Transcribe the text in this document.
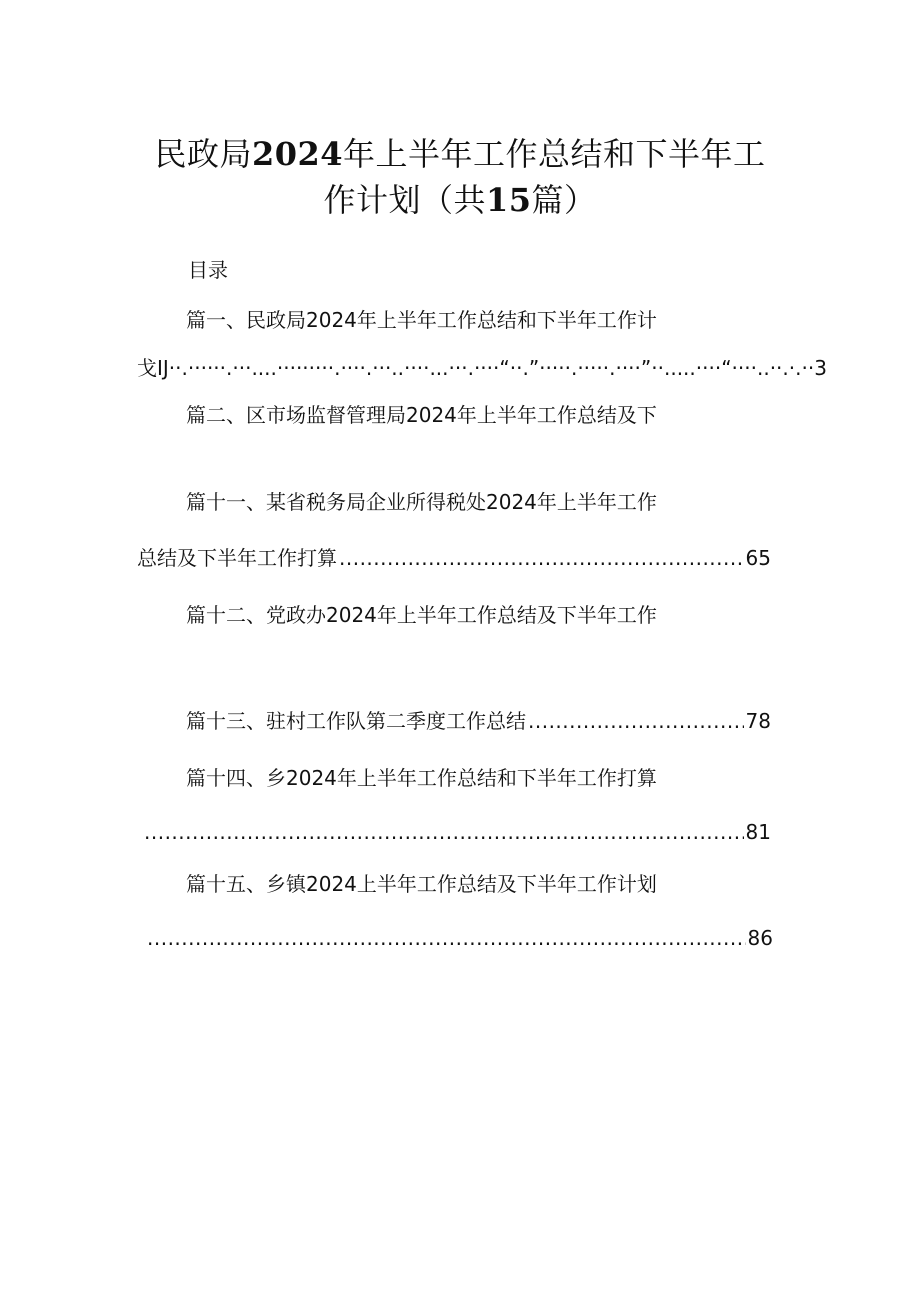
民政局2024年上半年工作总结和下半年工
作计划（共15篇）
目录
篇一、民政局2024年上半年工作总结和下半年工作计
戈IJ··.······.···....·········.····.···..····...···.····“··.”·····.·····.····”··.....····“····..··.·.··3
篇二、区市场监督管理局2024年上半年工作总结及下
篇十一、某省税务局企业所得税处2024年上半年工作
总结及下半年工作打算 .....	65
篇十二、党政办2024年上半年工作总结及下半年工作
篇十三、驻村工作队第二季度工作总结 .....	78
篇十四、乡2024年上半年工作总结和下半年工作打算
.....
81
篇十五、乡镇2024上半年工作总结及下半年工作计划
.....
86
